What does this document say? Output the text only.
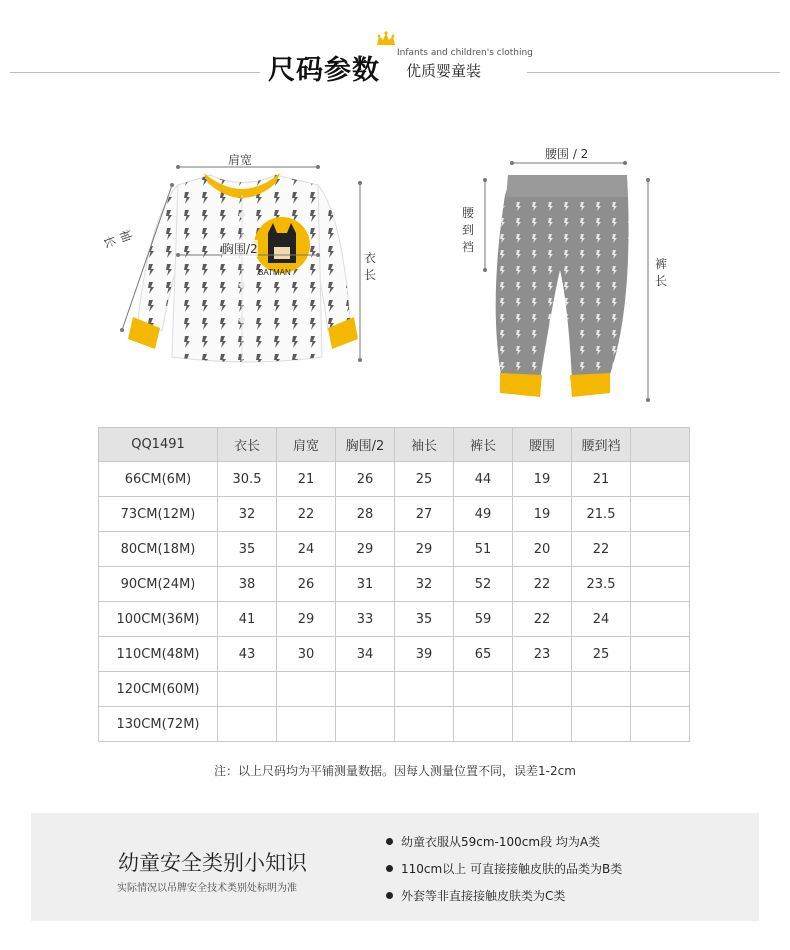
尺码参数
Infants and children's clothing
优质婴童装
BATMAN
肩宽
胸围/2
衣长
袖长
腰围 / 2
腰到裆
裤长
QQ1491	衣长	肩宽	胸围/2	袖长	裤长	腰围	腰到裆	
66CM(6M)	30.5	21	26	25	44	19	21	
73CM(12M)	32	22	28	27	49	19	21.5	
80CM(18M)	35	24	29	29	51	20	22	
90CM(24M)	38	26	31	32	52	22	23.5	
100CM(36M)	41	29	33	35	59	22	24	
110CM(48M)	43	30	34	39	65	23	25	
120CM(60M)								
130CM(72M)								
注：以上尺码均为平铺测量数据。因每人测量位置不同，误差1-2cm
幼童安全类别小知识
实际情况以吊牌安全技术类别处标明为准
幼童衣服从59cm-100cm段 均为A类
110cm以上 可直接接触皮肤的品类为B类
外套等非直接接触皮肤类为C类
